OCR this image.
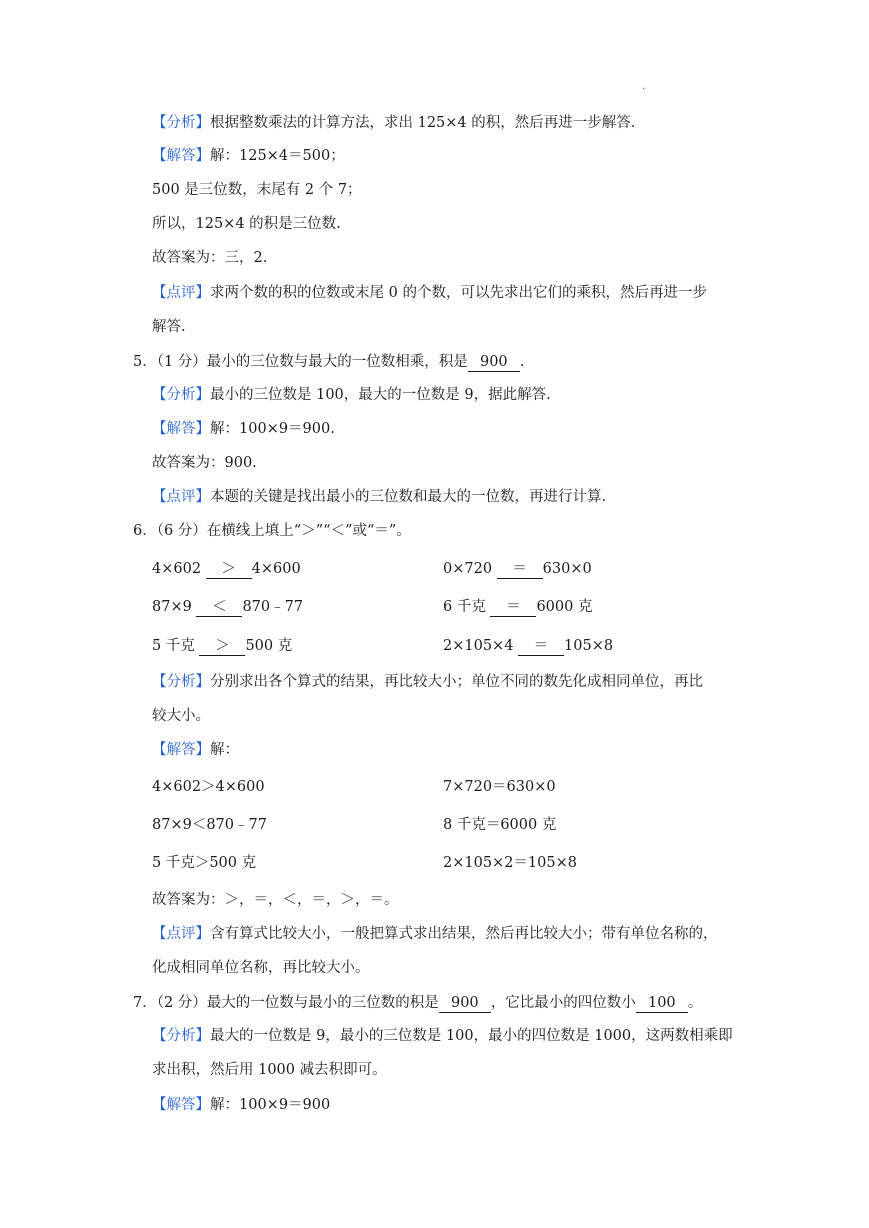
·
【分析】根据整数乘法的计算方法，求出 125×4 的积，然后再进一步解答.
【解答】解：125×4＝500；
500 是三位数，末尾有 2 个 7；
所以，125×4 的积是三位数.
故答案为：三，2.
【点评】求两个数的积的位数或末尾 0 的个数，可以先求出它们的乘积，然后再进一步
解答.
5．（1 分）最小的三位数与最大的一位数相乘，积是 900 .
【分析】最小的三位数是 100，最大的一位数是 9，据此解答.
【解答】解：100×9＝900.
故答案为：900.
【点评】本题的关键是找出最小的三位数和最大的一位数，再进行计算.
6．（6 分）在横线上填上“＞”“＜”或“＝”。
4×602 ＞ 4×600	0×720 ＝ 630×0
87×9 ＜ 870﹣77	6 千克 ＝ 6000 克
5 千克 ＞ 500 克	2×105×4 ＝ 105×8
【分析】分别求出各个算式的结果，再比较大小；单位不同的数先化成相同单位，再比
较大小。
【解答】解：
4×602＞4×600	7×720＝630×0
87×9＜870﹣77	8 千克＝6000 克
5 千克＞500 克	2×105×2＝105×8
故答案为：＞，＝，＜，＝，＞，＝。
【点评】含有算式比较大小，一般把算式求出结果，然后再比较大小；带有单位名称的，
化成相同单位名称，再比较大小。
7．（2 分）最大的一位数与最小的三位数的积是 900 ，它比最小的四位数小 100 。
【分析】最大的一位数是 9，最小的三位数是 100，最小的四位数是 1000，这两数相乘即
求出积，然后用 1000 减去积即可。
【解答】解：100×9＝900
